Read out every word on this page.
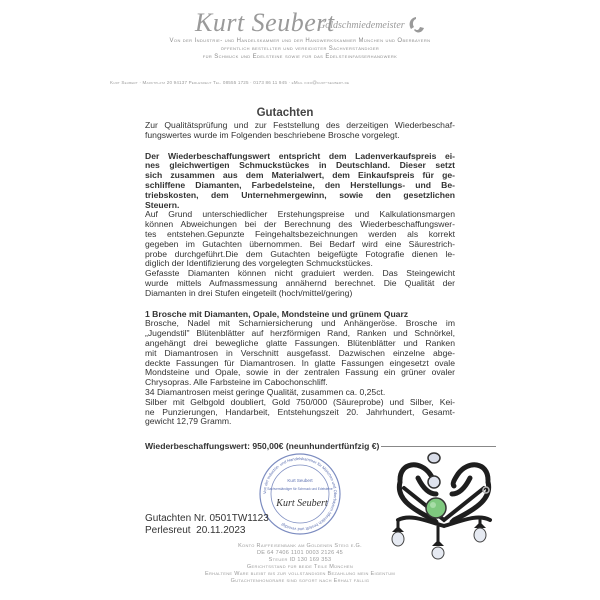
Kurt Seubert
Goldschmiedemeister
Von der Industrie- und Handelskammer und der Handwerkskammer München und Oberbayern
öffentlich bestellter und vereidigter Sachverständiger
für Schmuck und Edelsteine sowie für das Edelsteinfasserhandwerk
Kurt Seubert · Marktplatz 20 94137 Perlesreut Tel. 08555 1725 · 0173 86 11 945 · eMail info@kurt-seubert.de
Gutachten
Zur Qualitätsprüfung und zur Feststellung des derzeitigen Wiederbeschaf-
fungswertes wurde im Folgenden beschriebene Brosche vorgelegt.
Der Wiederbeschaffungswert entspricht dem Ladenverkaufspreis ei-
nes gleichwertigen Schmuckstückes in Deutschland. Dieser setzt
sich zusammen aus dem Materialwert, dem Einkaufspreis für ge-
schliffene Diamanten, Farbedelsteine, den Herstellungs- und Be-
triebskosten, dem Unternehmergewinn, sowie den gesetzlichen
Steuern.
Auf Grund unterschiedlicher Erstehungspreise und Kalkulationsmargen
können Abweichungen bei der Berechnung des Wiederbeschaffungswer-
tes entstehen.Gepunzte Feingehaltsbezeichnungen werden als korrekt
gegeben im Gutachten übernommen. Bei Bedarf wird eine Säurestrich-
probe durchgeführt.Die dem Gutachten beigefügte Fotografie dienen le-
diglich der Identifizierung des vorgelegten Schmuckstückes.
Gefasste Diamanten können nicht graduiert werden. Das Steingewicht
wurde mittels Aufmassmessung annähernd berechnet. Die Qualität der
Diamanten in drei Stufen eingeteilt (hoch/mittel/gering)
1 Brosche mit Diamanten, Opale, Mondsteine und grünem Quarz
Brosche, Nadel mit Scharniersicherung und Anhängeröse. Brosche im
„Jugendstil" Blütenblätter auf herzförmigen Rand, Ranken und Schnörkel,
angehängt drei bewegliche glatte Fassungen. Blütenblätter und Ranken
mit Diamantrosen in Verschnitt ausgefasst. Dazwischen einzelne abge-
deckte Fassungen für Diamantrosen. In glatte Fassungen eingesetzt ovale
Mondsteine und Opale, sowie in der zentralen Fassung ein grüner ovaler
Chrysopras. Alle Farbsteine im Cabochonschliff.
34 Diamantrosen meist geringe Qualität, zusammen ca. 0,25ct.
Silber mit Gelbgold doubliert, Gold 750/000 (Säureprobe) und Silber, Kei-
ne Punzierungen, Handarbeit, Entstehungszeit 20. Jahrhundert, Gesamt-
gewicht 12,79 Gramm.
Wiederbeschaffungswert: 950,00€ (neunhundertfünfzig €)
Von der Industrie- und Handelskammer für München und Oberbayern öffentlich bestellt und vereidigt
Kurt Seubert
Sachverständiger für Schmuck und Edelsteine
Kurt Seubert
Gutachten Nr. 0501TW1123
Perlesreut  20.11.2023
Konto Raiffeisenbank am Goldenen Steig e.G.
DE 64 7406 1101 0003 2126 45
Steuer ID 130 169 353
Gerichtsstand für beide Teile München
Erhaltene Ware bleibt bis zur vollständigen Bezahlung mein Eigentum
Gutachtenhonorare sind sofort nach Erhalt fällig
